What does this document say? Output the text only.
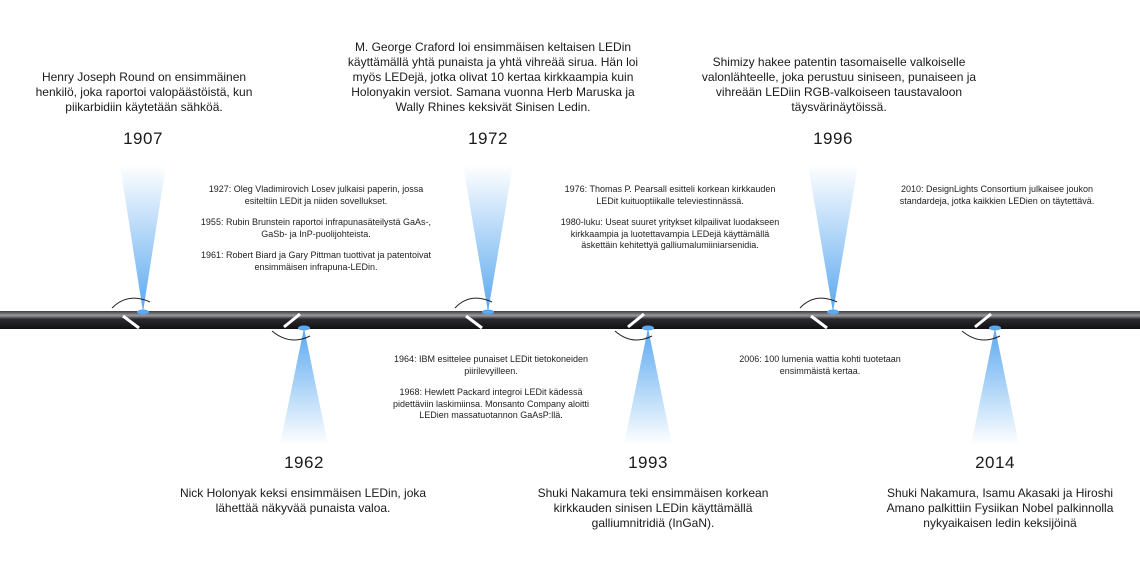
Henry Joseph Round on ensimmäinen henkilö, joka raportoi valopäästöistä, kun piikarbidiin käytetään sähköä.
1907
M. George Craford loi ensimmäisen keltaisen LEDin käyttämällä yhtä punaista ja yhtä vihreää sirua. Hän loi myös LEDejä, jotka olivat 10 kertaa kirkkaampia kuin Holonyakin versiot. Samana vuonna Herb Maruska ja Wally Rhines keksivät Sinisen Ledin.
1972
Shimizy hakee patentin tasomaiselle valkoiselle valonlähteelle, joka perustuu siniseen, punaiseen ja vihreään LEDiin RGB-valkoiseen taustavaloon täysvärinäytöissä.
1996
1962
Nick Holonyak keksi ensimmäisen LEDin, joka lähettää näkyvää punaista valoa.
1993
Shuki Nakamura teki ensimmäisen korkean kirkkauden sinisen LEDin käyttämällä galliumnitridiä (InGaN).
2014
Shuki Nakamura, Isamu Akasaki ja Hiroshi Amano palkittiin Fysiikan Nobel palkinnolla nykyaikaisen ledin keksijöinä

1927: Oleg Vladimirovich Losev julkaisi paperin, jossa esiteltiin LEDit ja niiden sovellukset.

1955: Rubin Brunstein raportoi infrapunasäteilystä GaAs-, GaSb- ja InP-puolijohteista.

1961: Robert Biard ja Gary Pittman tuottivat ja patentoivat ensimmäisen infrapuna-LEDin.

1976: Thomas P. Pearsall esitteli korkean kirkkauden LEDit kuituoptiikalle televiestinnässä.

1980-luku: Useat suuret yritykset kilpailivat luodakseen kirkkaampia ja luotettavampia LEDejä käyttämällä äskettäin kehitettyä galliumalumiiniarsenidia.

2010: DesignLights Consortium julkaisee joukon standardeja, jotka kaikkien LEDien on täytettävä.

1964: IBM esittelee punaiset LEDit tietokoneiden piirilevyilleen.

1968: Hewlett Packard integroi LEDit kädessä pidettäviin laskimiinsa. Monsanto Company aloitti LEDien massatuotannon GaAsP:llä.

2006: 100 lumenia wattia kohti tuotetaan ensimmäistä kertaa.
